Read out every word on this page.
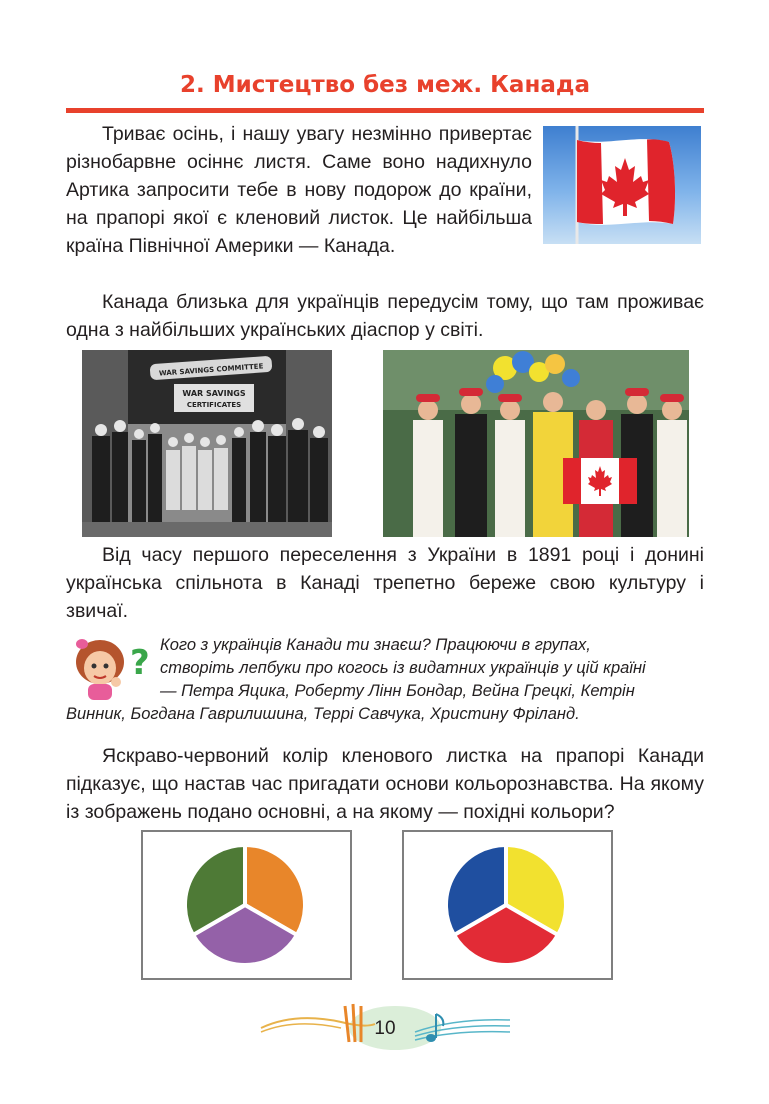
2. Мистецтво без меж. Канада

Триває осінь, і нашу увагу незмінно привертає різнобарвне осіннє листя. Саме воно надихнуло Артика запросити тебе в нову подорож до країни, на прапорі якої є кленовий листок. Це найбільша країна Північної Америки — Канада.

Канада близька для українців передусім тому, що там проживає одна з найбільших українських діаспор у світі.

WAR SAVINGS COMMITTEE
WAR SAVINGS
CERTIFICATES

Від часу першого переселення з України в 1891 році і донині українська спільнота в Канаді трепетно береже свою культуру і звичаї.

? Кого з українців Канади ти знаєш? Працюючи в групах,
створіть лепбуки про когось із видатних українців у цій країні
— Петра Яцика, Роберту Лінн Бондар, Вейна Грецкі, Кетрін
Винник, Богдана Гаврилишина, Террі Савчука, Христину Фріланд.

Яскраво-червоний колір кленового листка на прапорі Канади підказує, що настав час пригадати основи кольорознавства. На якому із зображень подано основні, а на якому — похідні кольори?

10
